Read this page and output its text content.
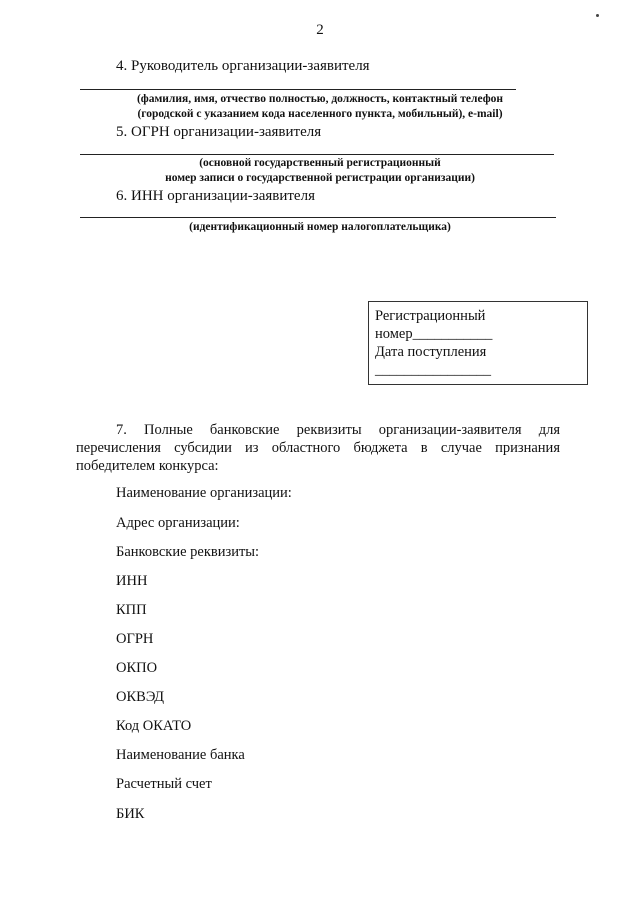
2
4. Руководитель организации-заявителя
(фамилия, имя, отчество полностью, должность, контактный телефон
(городской с указанием кода населенного пункта, мобильный), e-mail)
5. ОГРН организации-заявителя
(основной государственный регистрационный
номер записи о государственной регистрации организации)
6. ИНН организации-заявителя
(идентификационный номер налогоплательщика)
Регистрационный
номер___________
Дата поступления
________________
7. Полные банковские реквизиты организации-заявителя для перечисления субсидии из областного бюджета в случае признания победителем конкурса:
Наименование организации:
Адрес организации:
Банковские реквизиты:
ИНН
КПП
ОГРН
ОКПО
ОКВЭД
Код ОКАТО
Наименование банка
Расчетный счет
БИК
